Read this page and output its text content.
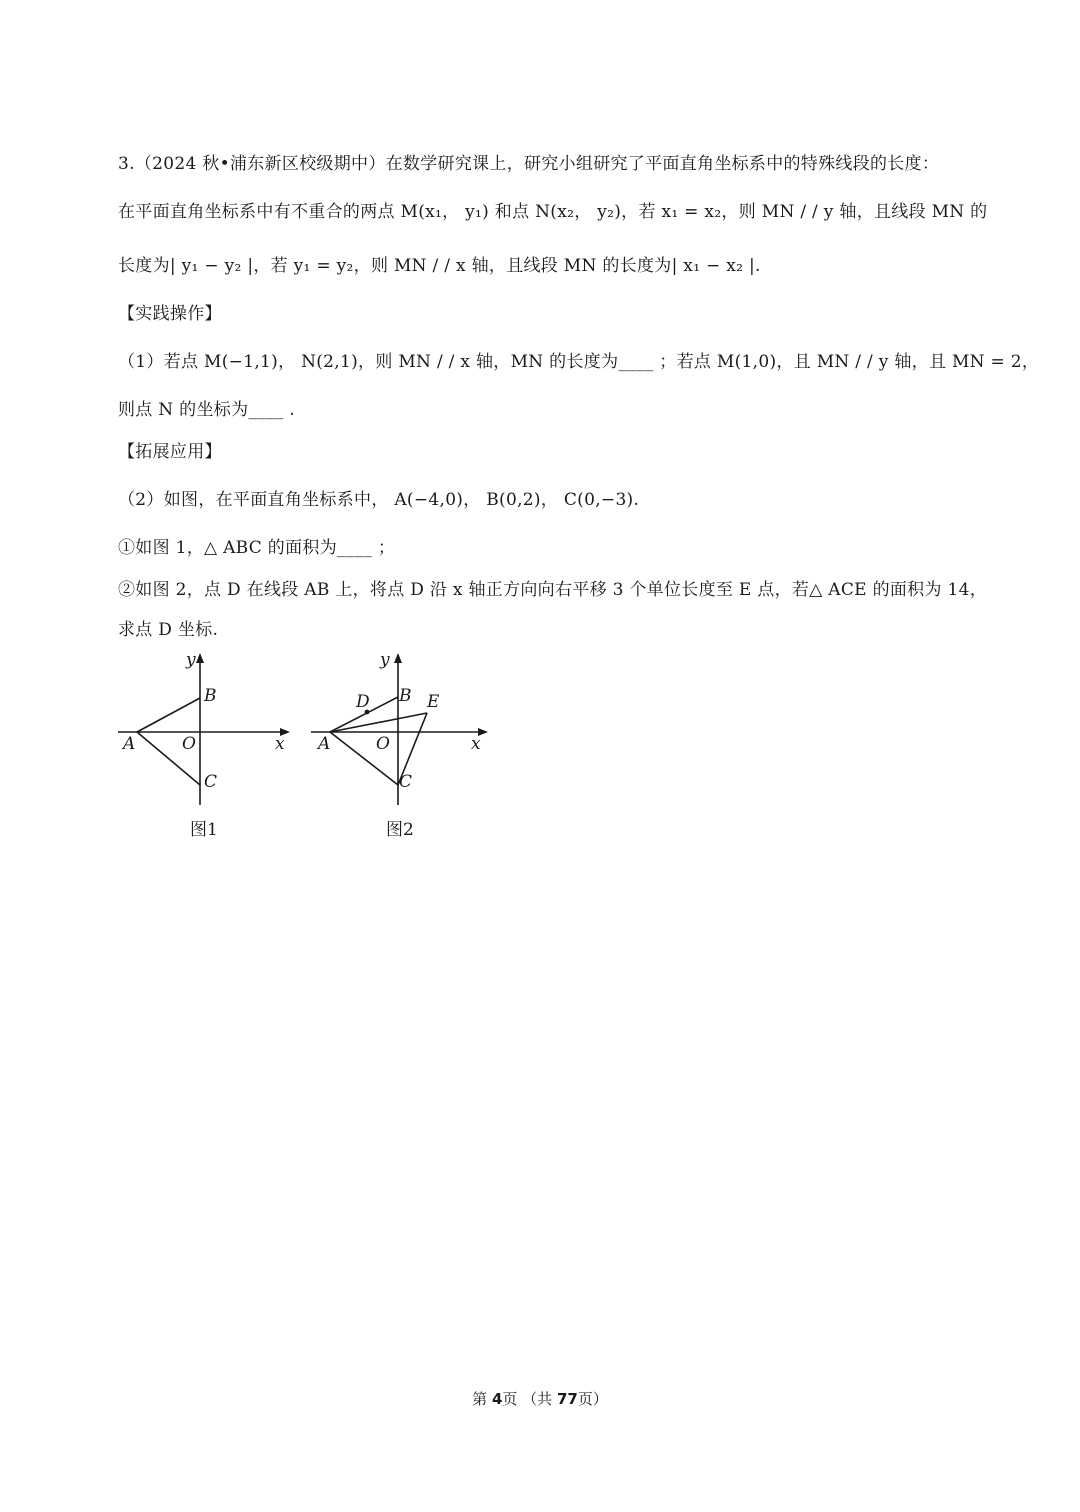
3.（2024 秋•浦东新区校级期中）在数学研究课上，研究小组研究了平面直角坐标系中的特殊线段的长度：
在平面直角坐标系中有不重合的两点 M(x₁， y₁) 和点 N(x₂， y₂)，若 x₁ = x₂，则 MN / / y 轴，且线段 MN 的
长度为| y₁ − y₂ |，若 y₁ = y₂，则 MN / / x 轴，且线段 MN 的长度为| x₁ − x₂ |.
【实践操作】
（1）若点 M(−1,1)， N(2,1)，则 MN / / x 轴，MN 的长度为____ ；若点 M(1,0)，且 MN / / y 轴，且 MN = 2，
则点 N 的坐标为____ .
【拓展应用】
（2）如图，在平面直角坐标系中， A(−4,0)， B(0,2)， C(0,−3).
①如图 1，△ ABC 的面积为____ ；
②如图 2，点 D 在线段 AB 上，将点 D 沿 x 轴正方向向右平移 3 个单位长度至 E 点，若△ ACE 的面积为 14，
求点 D 坐标.
y
x
A
B
C
O
图1
y
x
A
B
C
O
D	E
图2
第 4页 （共 77页）
